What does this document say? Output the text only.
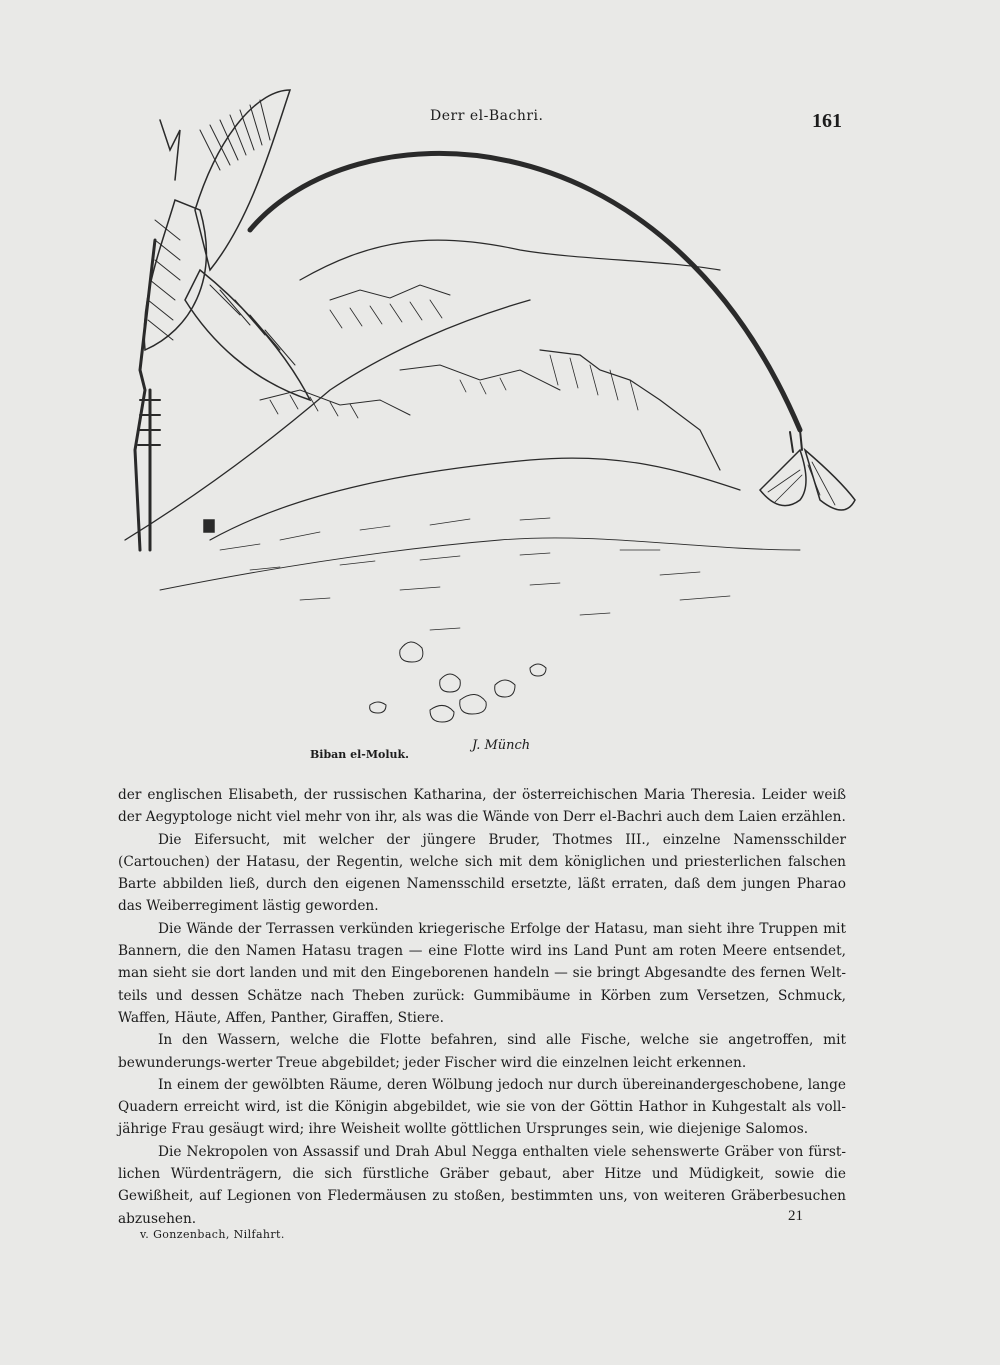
Derr el-Bachri.	161
Biban el-Moluk.
J. Münch

der englischen Elisabeth, der russischen Katharina, der österreichischen Maria Theresia. Leider weiß der Aegyptologe nicht viel mehr von ihr, als was die Wände von Derr el-Bachri auch dem Laien erzählen.

Die Eifersucht, mit welcher der jüngere Bruder, Thotmes III., einzelne Namensschilder (Cartouchen) der Hatasu, der Regentin, welche sich mit dem königlichen und priesterlichen falschen Barte abbilden ließ, durch den eigenen Namensschild ersetzte, läßt erraten, daß dem jungen Pharao das Weiberregiment lästig geworden.

Die Wände der Terrassen verkünden kriegerische Erfolge der Hatasu, man sieht ihre Truppen mit Bannern, die den Namen Hatasu tragen — eine Flotte wird ins Land Punt am roten Meere entsendet, man sieht sie dort landen und mit den Eingeborenen handeln — sie bringt Abgesandte des fernen Welt-teils und dessen Schätze nach Theben zurück: Gummibäume in Körben zum Versetzen, Schmuck, Waffen, Häute, Affen, Panther, Giraffen, Stiere.

In den Wassern, welche die Flotte befahren, sind alle Fische, welche sie angetroffen, mit bewunderungs-werter Treue abgebildet; jeder Fischer wird die einzelnen leicht erkennen.

In einem der gewölbten Räume, deren Wölbung jedoch nur durch übereinandergeschobene, lange Quadern erreicht wird, ist die Königin abgebildet, wie sie von der Göttin Hathor in Kuhgestalt als voll-jährige Frau gesäugt wird; ihre Weisheit wollte göttlichen Ursprunges sein, wie diejenige Salomos.

Die Nekropolen von Assassif und Drah Abul Negga enthalten viele sehenswerte Gräber von fürst-lichen Würdenträgern, die sich fürstliche Gräber gebaut, aber Hitze und Müdigkeit, sowie die Gewißheit, auf Legionen von Fledermäusen zu stoßen, bestimmten uns, von weiteren Gräberbesuchen abzusehen.	21
v. Gonzenbach, Nilfahrt.
